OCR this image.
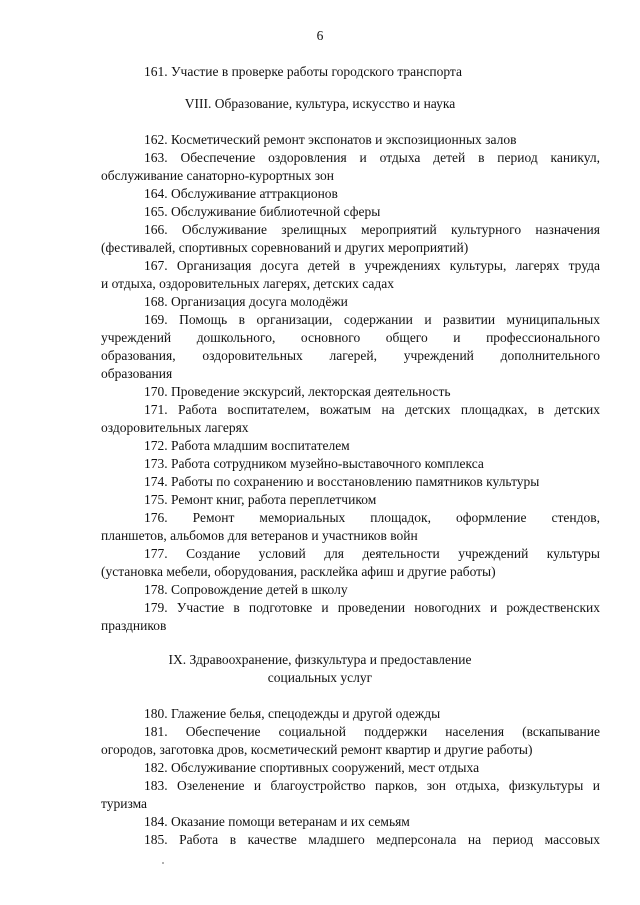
6
161. Участие в проверке работы городского транспорта
VIII. Образование, культура, искусство и наука
162. Косметический ремонт экспонатов и экспозиционных залов
163. Обеспечение оздоровления и отдыха детей в период каникул,
обслуживание санаторно-курортных зон
164. Обслуживание аттракционов
165. Обслуживание библиотечной сферы
166. Обслуживание зрелищных мероприятий культурного назначения
(фестивалей, спортивных соревнований и других мероприятий)
167. Организация досуга детей в учреждениях культуры, лагерях труда
и отдыха, оздоровительных лагерях, детских садах
168. Организация досуга молодёжи
169. Помощь в организации, содержании и развитии муниципальных
учреждений дошкольного, основного общего и профессионального
образования, оздоровительных лагерей, учреждений дополнительного
образования
170. Проведение экскурсий, лекторская деятельность
171. Работа воспитателем, вожатым на детских площадках, в детских
оздоровительных лагерях
172. Работа младшим воспитателем
173. Работа сотрудником музейно-выставочного комплекса
174. Работы по сохранению и восстановлению памятников культуры
175. Ремонт книг, работа переплетчиком
176. Ремонт мемориальных площадок, оформление стендов,
планшетов, альбомов для ветеранов и участников войн
177. Создание условий для деятельности учреждений культуры
(установка мебели, оборудования, расклейка афиш и другие работы)
178. Сопровождение детей в школу
179. Участие в подготовке и проведении новогодних и рождественских
праздников
IX. Здравоохранение, физкультура и предоставление
социальных услуг
180. Глажение белья, спецодежды и другой одежды
181. Обеспечение социальной поддержки населения (вскапывание
огородов, заготовка дров, косметический ремонт квартир и другие работы)
182. Обслуживание спортивных сооружений, мест отдыха
183. Озеленение и благоустройство парков, зон отдыха, физкультуры и
туризма
184. Оказание помощи ветеранам и их семьям
185. Работа в качестве младшего медперсонала на период массовых
